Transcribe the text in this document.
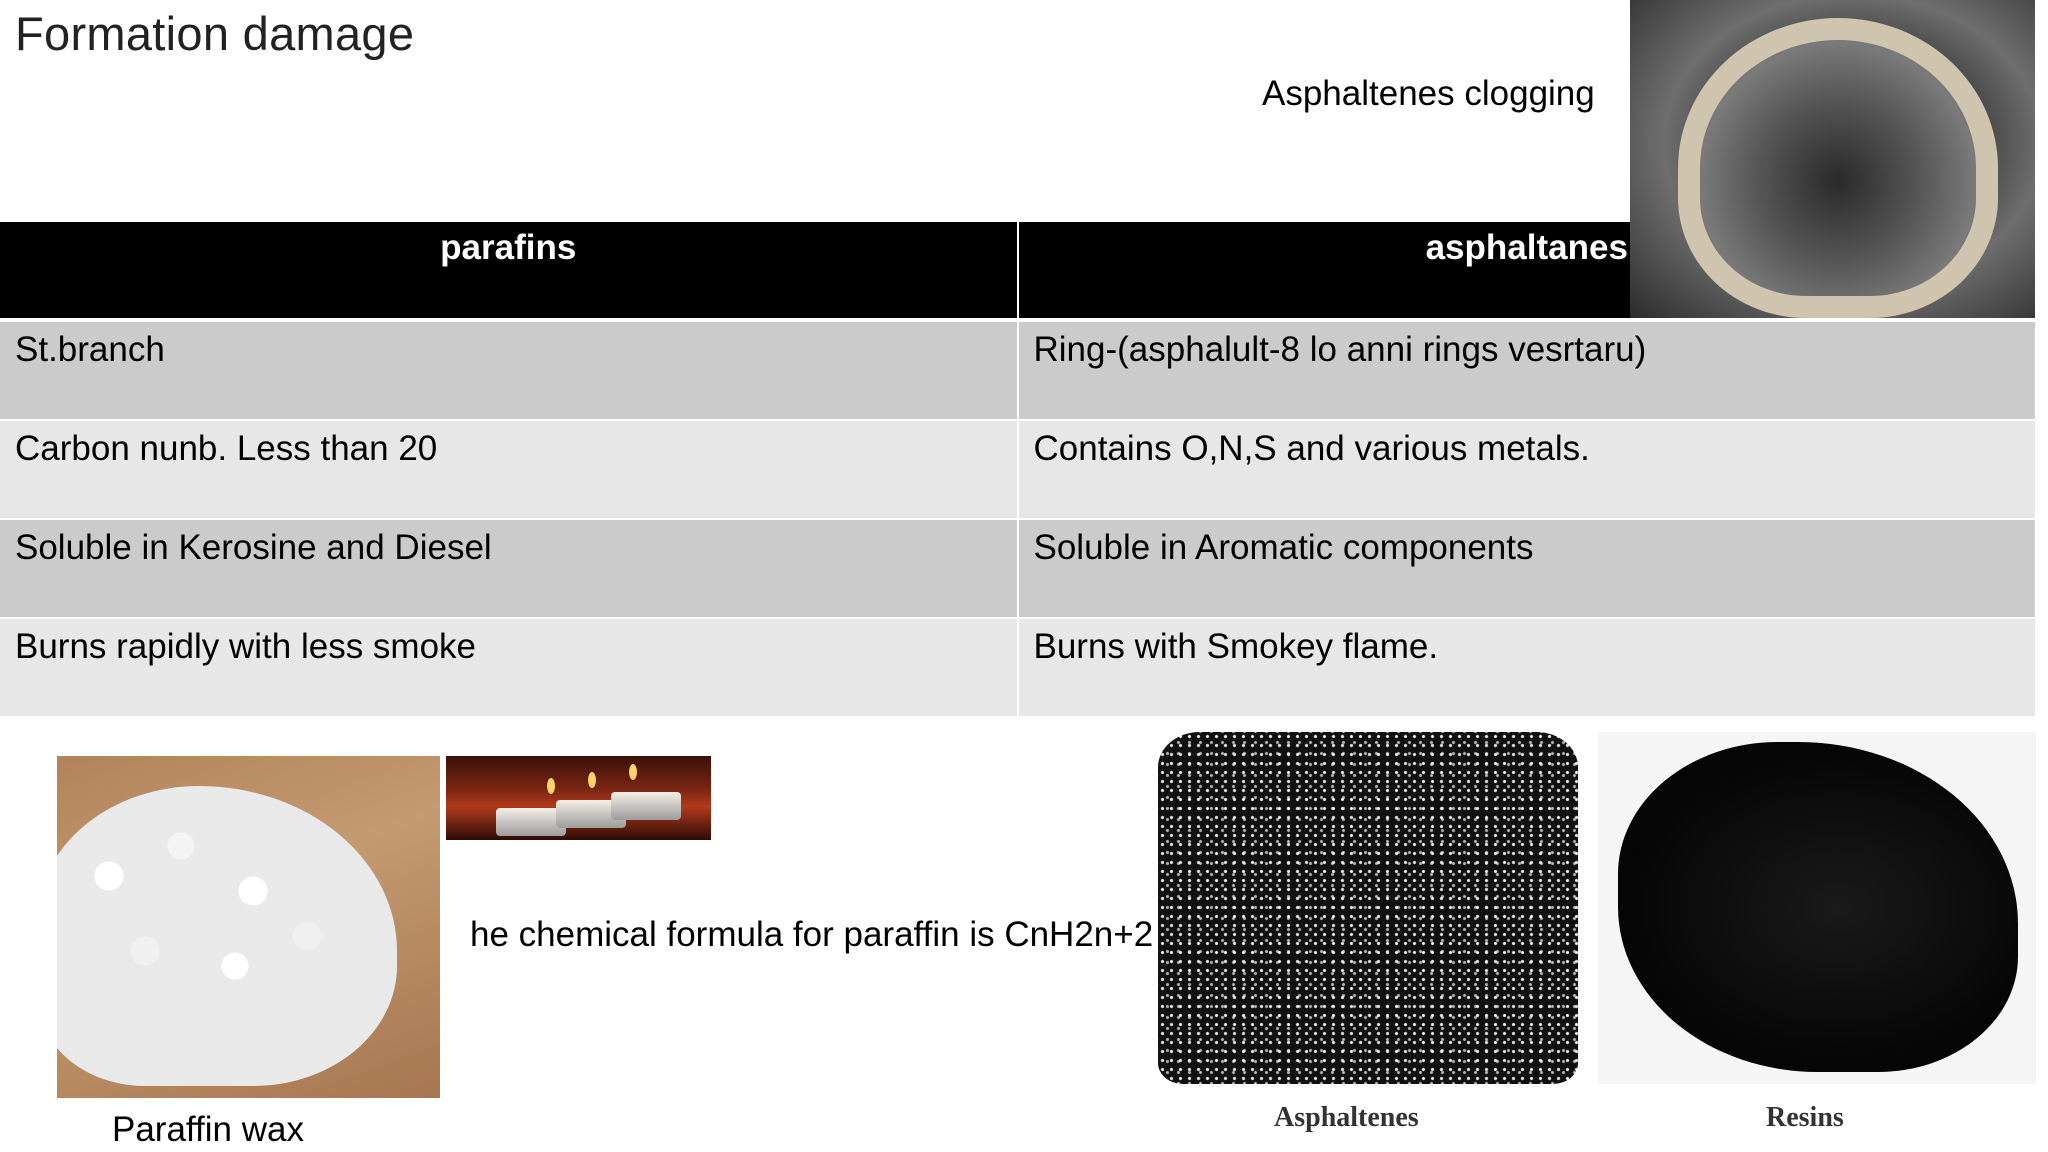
Formation damage
Asphaltenes clogging
parafins	asphaltanes
St.branch	Ring-(asphalult-8 lo anni rings vesrtaru)
Carbon nunb. Less than 20	Contains O,N,S and various metals.
Soluble in Kerosine and Diesel	Soluble in Aromatic components
Burns rapidly with less smoke	Burns with Smokey flame.
he chemical formula for paraffin is CnH2n+2
Paraffin wax	Asphaltenes	Resins
